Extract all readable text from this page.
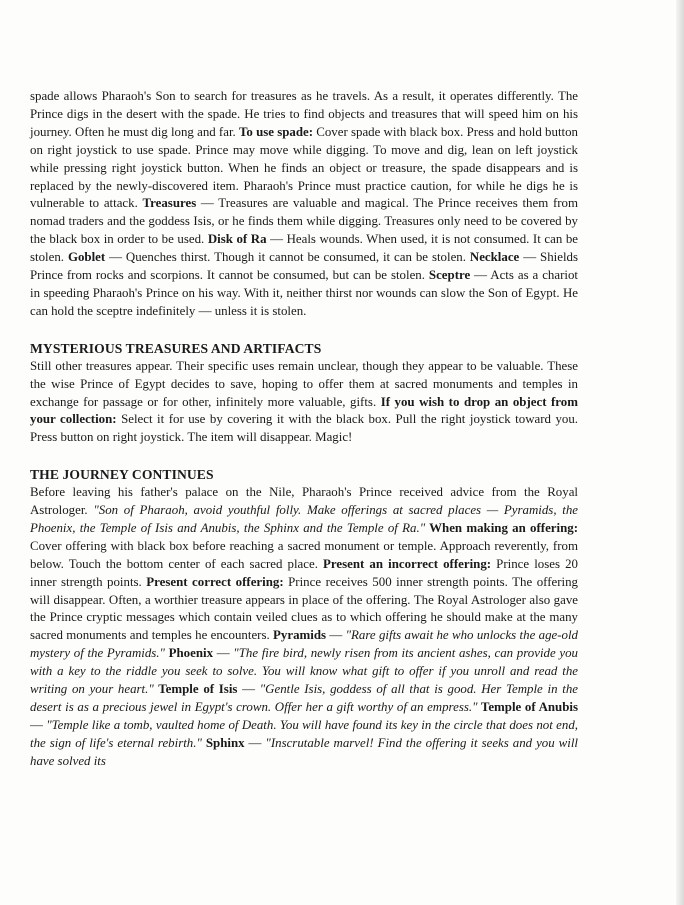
spade allows Pharaoh's Son to search for treasures as he travels. As a result, it operates differently. The Prince digs in the desert with the spade. He tries to find objects and treasures that will speed him on his journey. Often he must dig long and far. To use spade: Cover spade with black box. Press and hold button on right joystick to use spade. Prince may move while digging. To move and dig, lean on left joystick while pressing right joystick button. When he finds an object or treasure, the spade disappears and is replaced by the newly-discovered item. Pharaoh's Prince must practice caution, for while he digs he is vulnerable to attack. Treasures — Treasures are valuable and magical. The Prince receives them from nomad traders and the goddess Isis, or he finds them while digging. Treasures only need to be covered by the black box in order to be used. Disk of Ra — Heals wounds. When used, it is not consumed. It can be stolen. Goblet — Quenches thirst. Though it cannot be consumed, it can be stolen. Necklace — Shields Prince from rocks and scorpions. It cannot be consumed, but can be stolen. Sceptre — Acts as a chariot in speeding Pharaoh's Prince on his way. With it, neither thirst nor wounds can slow the Son of Egypt. He can hold the sceptre indefinitely — unless it is stolen.

MYSTERIOUS TREASURES AND ARTIFACTS

Still other treasures appear. Their specific uses remain unclear, though they appear to be valuable. These the wise Prince of Egypt decides to save, hoping to offer them at sacred monuments and temples in exchange for passage or for other, infinitely more valuable, gifts. If you wish to drop an object from your collection: Select it for use by covering it with the black box. Pull the right joystick toward you. Press button on right joystick. The item will disappear. Magic!

THE JOURNEY CONTINUES

Before leaving his father's palace on the Nile, Pharaoh's Prince received advice from the Royal Astrologer. "Son of Pharaoh, avoid youthful folly. Make offerings at sacred places — Pyramids, the Phoenix, the Temple of Isis and Anubis, the Sphinx and the Temple of Ra." When making an offering: Cover offering with black box before reaching a sacred monument or temple. Approach reverently, from below. Touch the bottom center of each sacred place. Present an incorrect offering: Prince loses 20 inner strength points. Present correct offering: Prince receives 500 inner strength points. The offering will disappear. Often, a worthier treasure appears in place of the offering. The Royal Astrologer also gave the Prince cryptic messages which contain veiled clues as to which offering he should make at the many sacred monuments and temples he encounters. Pyramids — "Rare gifts await he who unlocks the age-old mystery of the Pyramids." Phoenix — "The fire bird, newly risen from its ancient ashes, can provide you with a key to the riddle you seek to solve. You will know what gift to offer if you unroll and read the writing on your heart." Temple of Isis — "Gentle Isis, goddess of all that is good. Her Temple in the desert is as a precious jewel in Egypt's crown. Offer her a gift worthy of an empress." Temple of Anubis — "Temple like a tomb, vaulted home of Death. You will have found its key in the circle that does not end, the sign of life's eternal rebirth." Sphinx — "Inscrutable marvel! Find the offering it seeks and you will have solved its
